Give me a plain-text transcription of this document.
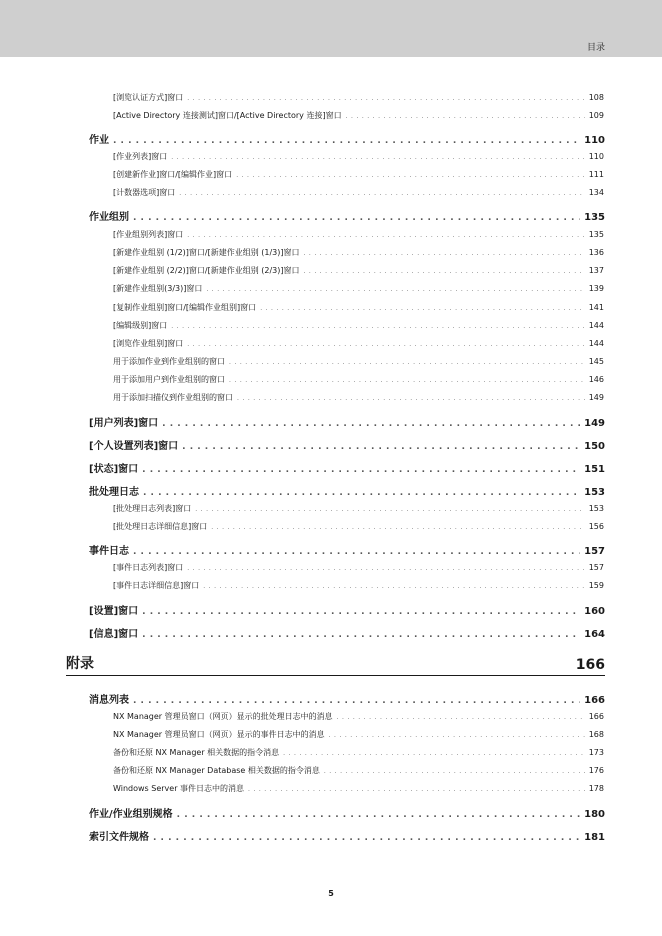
目录
[浏览认证方式]窗口 . . .	108
[Active Directory 连接测试]窗口/[Active Directory 连接]窗口 . . .	109
作业 . . .	110
[作业列表]窗口 . . .	110
[创建新作业]窗口/[编辑作业]窗口 . . .	111
[计数器选项]窗口 . . .	134
作业组别 . . .	135
[作业组别列表]窗口 . . .	135
[新建作业组别 (1/2)]窗口/[新建作业组别 (1/3)]窗口 . . .	136
[新建作业组别 (2/2)]窗口/[新建作业组别 (2/3)]窗口 . . .	137
[新建作业组别(3/3)]窗口 . . .	139
[复制作业组别]窗口/[编辑作业组别]窗口 . . .	141
[编辑级别]窗口 . . .	144
[浏览作业组别]窗口 . . .	144
用于添加作业到作业组别的窗口 . . .	145
用于添加用户到作业组别的窗口 . . .	146
用于添加扫描仪到作业组别的窗口 . . .	149
[用户列表]窗口 . . .	149
[个人设置列表]窗口 . . .	150
[状态]窗口 . . .	151
批处理日志 . . .	153
[批处理日志列表]窗口 . . .	153
[批处理日志详细信息]窗口 . . .	156
事件日志 . . .	157
[事件日志列表]窗口 . . .	157
[事件日志详细信息]窗口 . . .	159
[设置]窗口 . . .	160
[信息]窗口 . . .	164
附录	166
消息列表 . . .	166
NX Manager 管理员窗口（网页）显示的批处理日志中的消息 . . .	166
NX Manager 管理员窗口（网页）显示的事件日志中的消息 . . .	168
备份和还原 NX Manager 相关数据的指令消息 . . .	173
备份和还原 NX Manager Database 相关数据的指令消息 . . .	176
Windows Server 事件日志中的消息 . . .	178
作业/作业组别规格 . . .	180
索引文件规格 . . .	181
5
